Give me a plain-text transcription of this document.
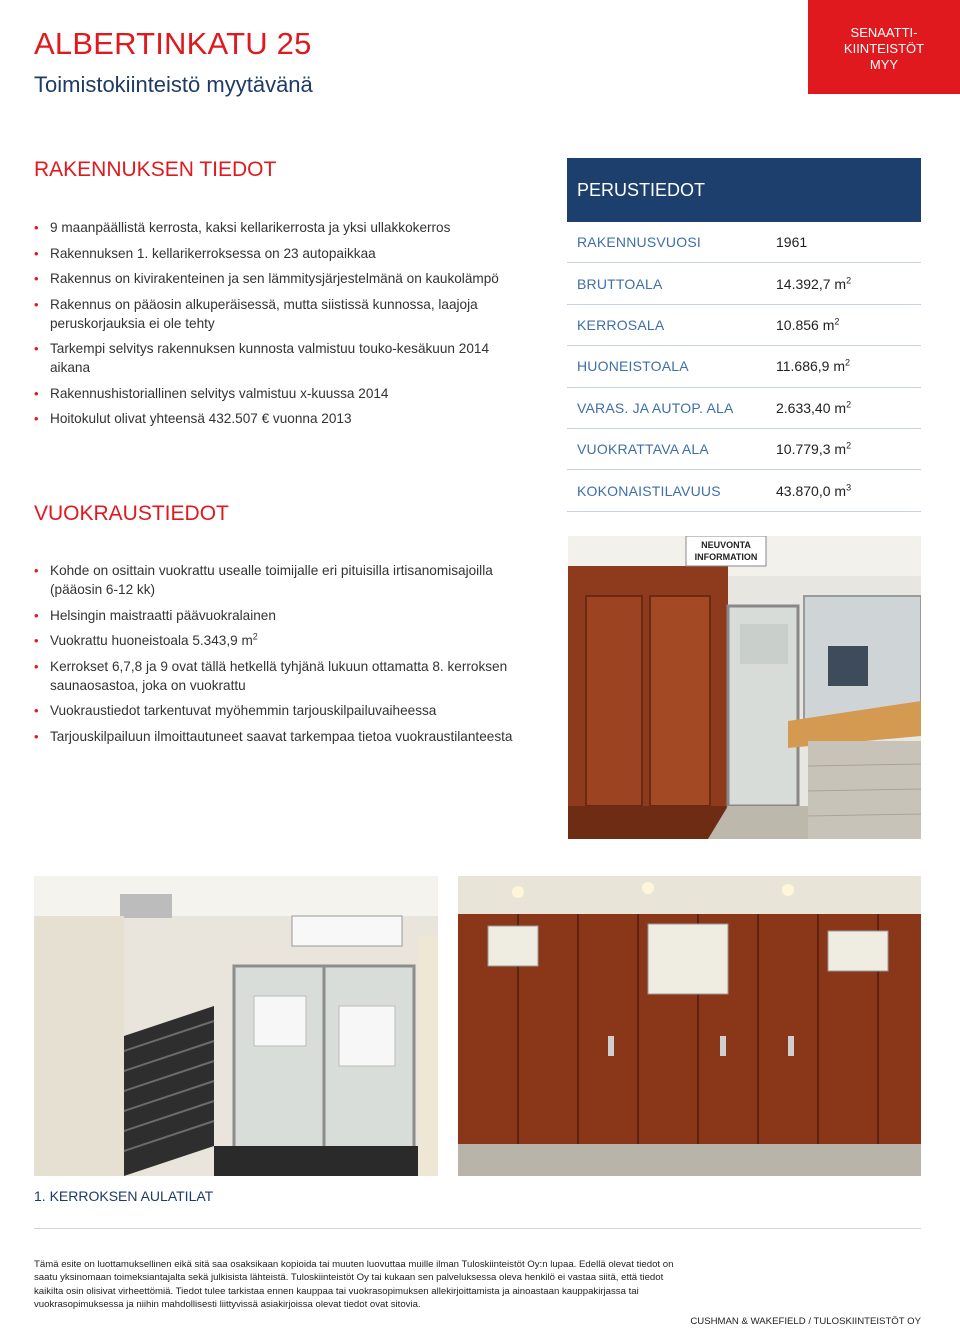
ALBERTINKATU 25
Toimistokiinteistö myytävänä
SENAATTI-
KIINTEISTÖT
MYY
RAKENNUKSEN TIEDOT
• 9 maanpäällistä kerrosta, kaksi kellarikerrosta ja yksi ullakkokerros
• Rakennuksen 1. kellarikerroksessa on 23 autopaikkaa
• Rakennus on kivirakenteinen ja sen lämmitysjärjestelmänä on kaukolämpö
• Rakennus on pääosin alkuperäisessä, mutta siistissä kunnossa, laajoja peruskorjauksia ei ole tehty
• Tarkempi selvitys rakennuksen kunnosta valmistuu touko-kesäkuun 2014 aikana
• Rakennushistoriallinen selvitys valmistuu x-kuussa 2014
• Hoitokulut olivat yhteensä 432.507 € vuonna 2013
VUOKRAUSTIEDOT
• Kohde on osittain vuokrattu usealle toimijalle eri pituisilla irtisanomisajoilla (pääosin 6-12 kk)
• Helsingin maistraatti päävuokralainen
• Vuokrattu huoneistoala 5.343,9 $m^2$
• Kerrokset 6,7,8 ja 9 ovat tällä hetkellä tyhjänä lukuun ottamatta 8. kerroksen saunaosastoa, joka on vuokrattu
• Vuokraustiedot tarkentuvat myöhemmin tarjouskilpailuvaiheessa
• Tarjouskilpailuun ilmoittautuneet saavat tarkempaa tietoa vuokraustilanteesta
PERUSTIEDOT
RAKENNUSVUOSI	1961
BRUTTOALA	14.392,7 $m^2$
KERROSALA	10.856 $m^2$
HUONEISTOALA	11.686,9 $m^2$
VARAS. JA AUTOP. ALA	2.633,40 $m^2$
VUOKRATTAVA ALA	10.779,3 $m^2$
KOKONAISTILAVUUS	43.870,0 $m^3$
NEUVONTA
INFORMATION
1. KERROKSEN AULATILAT
Tämä esite on luottamuksellinen eikä sitä saa osaksikaan kopioida tai muuten luovuttaa muille ilman Tuloskiinteistöt Oy:n lupaa. Edellä olevat tiedot on saatu yksinomaan toimeksiantajalta sekä julkisista lähteistä. Tuloskiinteistöt Oy tai kukaan sen palveluksessa oleva henkilö ei vastaa siitä, että tiedot kaikilta osin olisivat virheettömiä. Tiedot tulee tarkistaa ennen kauppaa tai vuokrasopimuksen allekirjoittamista ja ainoastaan kauppakirjassa tai vuokrasopimuksessa ja niihin mahdollisesti liittyvissä asiakirjoissa olevat tiedot ovat sitovia.
CUSHMAN & WAKEFIELD / TULOSKIINTEISTÖT OY
